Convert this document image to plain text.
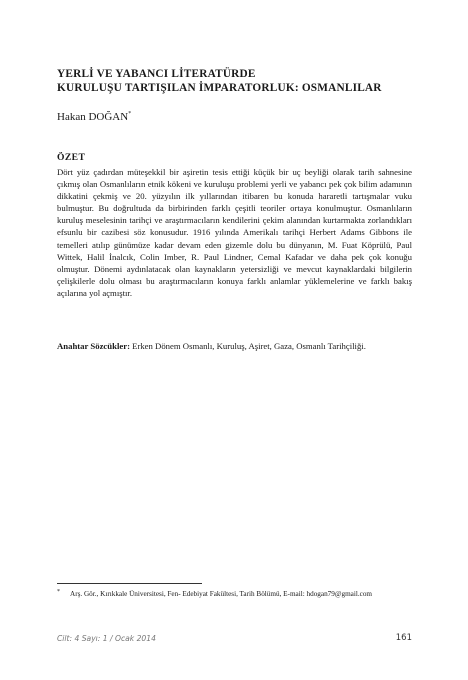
YERLİ VE YABANCI LİTERATÜRDE
KURULUŞU TARTIŞILAN İMPARATORLUK: OSMANLILAR
Hakan DOĞAN*
ÖZET
Dört yüz çadırdan müteşekkil bir aşiretin tesis ettiği küçük bir uç beyliği olarak tarih sahnesine çıkmış olan Osmanlıların etnik kökeni ve kuruluşu problemi yerli ve yabancı pek çok bilim adamının dikkatini çekmiş ve 20. yüzyılın ilk yıllarından itibaren bu konuda hararetli tartışmalar vuku bulmuştur. Bu doğrultuda da birbirinden farklı çeşitli teoriler ortaya konulmuştur. Osmanlıların kuruluş meselesinin tarihçi ve araştırmacıların kendilerini çekim alanından kurtarmakta zorlandıkları efsunlu bir cazibesi söz konusudur. 1916 yılında Amerikalı tarihçi Herbert Adams Gibbons ile temelleri atılıp günümüze kadar devam eden gizemle dolu bu dünyanın, M. Fuat Köprülü, Paul Wittek, Halil İnalcık, Colin Imber, R. Paul Lindner, Cemal Kafadar ve daha pek çok konuğu olmuştur. Dönemi aydınlatacak olan kaynakların yetersizliği ve mevcut kaynaklardaki bilgilerin çelişkilerle dolu olması bu araştırmacıların konuya farklı anlamlar yüklemelerine ve farklı bakış açılarına yol açmıştır.
Anahtar Sözcükler: Erken Dönem Osmanlı, Kuruluş, Aşiret, Gaza, Osmanlı Tarihçiliği.
*	Arş. Gör., Kırıkkale Üniversitesi, Fen- Edebiyat Fakültesi, Tarih Bölümü, E-mail: hdogan79@gmail.com
Cilt: 4 Sayı: 1 / Ocak 2014	161
